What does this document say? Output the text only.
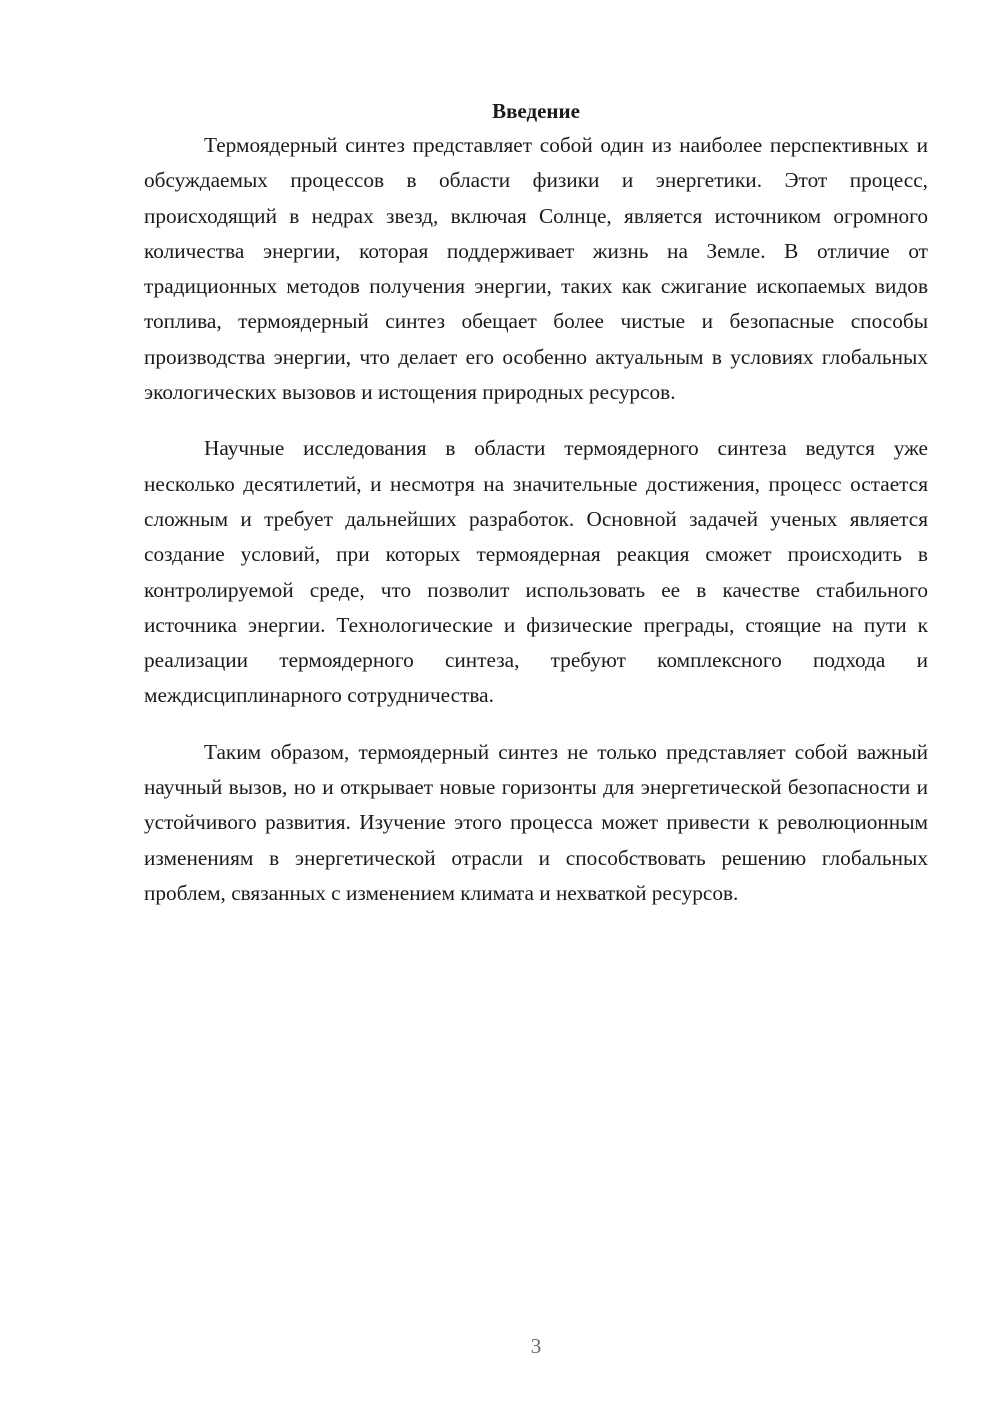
Введение

Термоядерный синтез представляет собой один из наиболее перспективных и обсуждаемых процессов в области физики и энергетики. Этот процесс, происходящий в недрах звезд, включая Солнце, является источником огромного количества энергии, которая поддерживает жизнь на Земле. В отличие от традиционных методов получения энергии, таких как сжигание ископаемых видов топлива, термоядерный синтез обещает более чистые и безопасные способы производства энергии, что делает его особенно актуальным в условиях глобальных экологических вызовов и истощения природных ресурсов.

Научные исследования в области термоядерного синтеза ведутся уже несколько десятилетий, и несмотря на значительные достижения, процесс остается сложным и требует дальнейших разработок. Основной задачей ученых является создание условий, при которых термоядерная реакция сможет происходить в контролируемой среде, что позволит использовать ее в качестве стабильного источника энергии. Технологические и физические преграды, стоящие на пути к реализации термоядерного синтеза, требуют комплексного подхода и междисциплинарного сотрудничества.

Таким образом, термоядерный синтез не только представляет собой важный научный вызов, но и открывает новые горизонты для энергетической безопасности и устойчивого развития. Изучение этого процесса может привести к революционным изменениям в энергетической отрасли и способствовать решению глобальных проблем, связанных с изменением климата и нехваткой ресурсов.

3
